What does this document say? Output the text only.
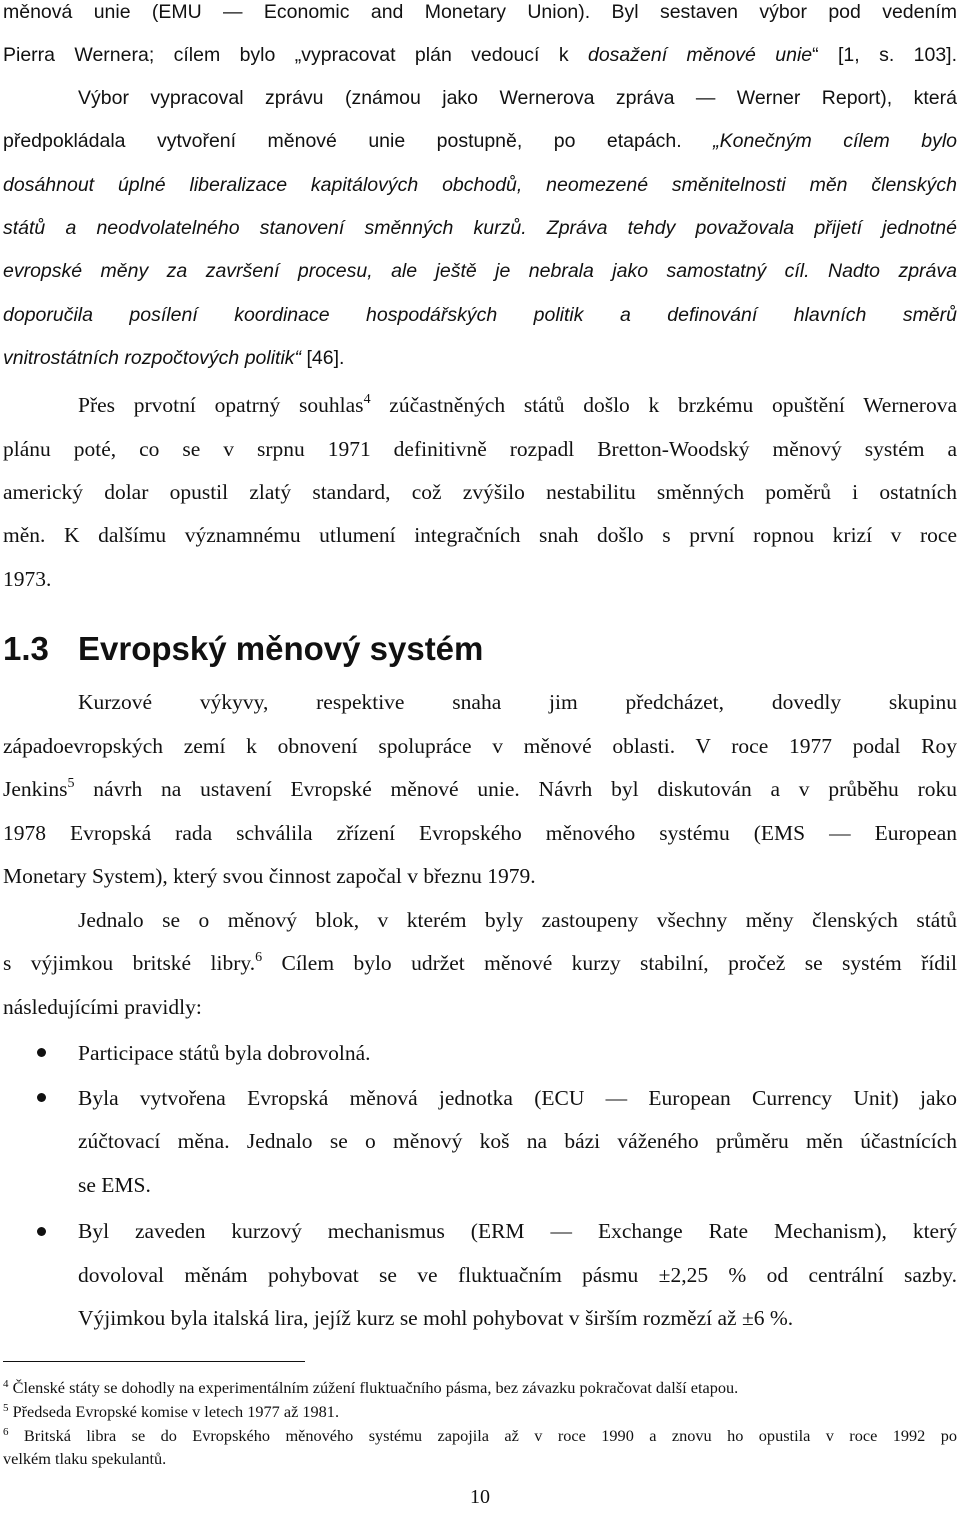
měnová unie (EMU — Economic and Monetary Union). Byl sestaven výbor pod vedením
Pierra Wernera; cílem bylo „vypracovat plán vedoucí k dosažení měnové unie“ [1, s. 103].
Výbor vypracoval zprávu (známou jako Wernerova zpráva — Werner Report), která
předpokládala vytvoření měnové unie postupně, po etapách. „Konečným cílem bylo
dosáhnout úplné liberalizace kapitálových obchodů, neomezené směnitelnosti měn členských
států a neodvolatelného stanovení směnných kurzů. Zpráva tehdy považovala přijetí jednotné
evropské měny za završení procesu, ale ještě je nebrala jako samostatný cíl. Nadto zpráva
doporučila posílení koordinace hospodářských politik a definování hlavních směrů
vnitrostátních rozpočtových politik“ [46].
Přes prvotní opatrný souhlas$^4$ zúčastněných států došlo k brzkému opuštění Wernerova
plánu poté, co se v srpnu 1971 definitivně rozpadl Bretton-Woodský měnový systém a
americký dolar opustil zlatý standard, což zvýšilo nestabilitu směnných poměrů i ostatních
měn. K dalšímu významnému utlumení integračních snah došlo s první ropnou krizí v roce
1973.
1.3 Evropský měnový systém
Kurzové výkyvy, respektive snaha jim předcházet, dovedly skupinu
západoevropských zemí k obnovení spolupráce v měnové oblasti. V roce 1977 podal Roy
Jenkins$^5$ návrh na ustavení Evropské měnové unie. Návrh byl diskutován a v průběhu roku
1978 Evropská rada schválila zřízení Evropského měnového systému (EMS — European
Monetary System), který svou činnost započal v březnu 1979.
Jednalo se o měnový blok, v kterém byly zastoupeny všechny měny členských států
s výjimkou britské libry.$^6$ Cílem bylo udržet měnové kurzy stabilní, pročež se systém řídil
následujícími pravidly:
Participace států byla dobrovolná.
Byla vytvořena Evropská měnová jednotka (ECU — European Currency Unit) jako
zúčtovací měna. Jednalo se o měnový koš na bázi váženého průměru měn účastnících
se EMS.
Byl zaveden kurzový mechanismus (ERM — Exchange Rate Mechanism), který
dovoloval měnám pohybovat se ve fluktuačním pásmu ±2,25 % od centrální sazby.
Výjimkou byla italská lira, jejíž kurz se mohl pohybovat v širším rozmězí až ±6 %.
$^4$ Členské státy se dohodly na experimentálním zúžení fluktuačního pásma, bez závazku pokračovat další etapou.
$^5$ Předseda Evropské komise v letech 1977 až 1981.
$^6$ Britská libra se do Evropského měnového systému zapojila až v roce 1990 a znovu ho opustila v roce 1992 po
velkém tlaku spekulantů.
10
